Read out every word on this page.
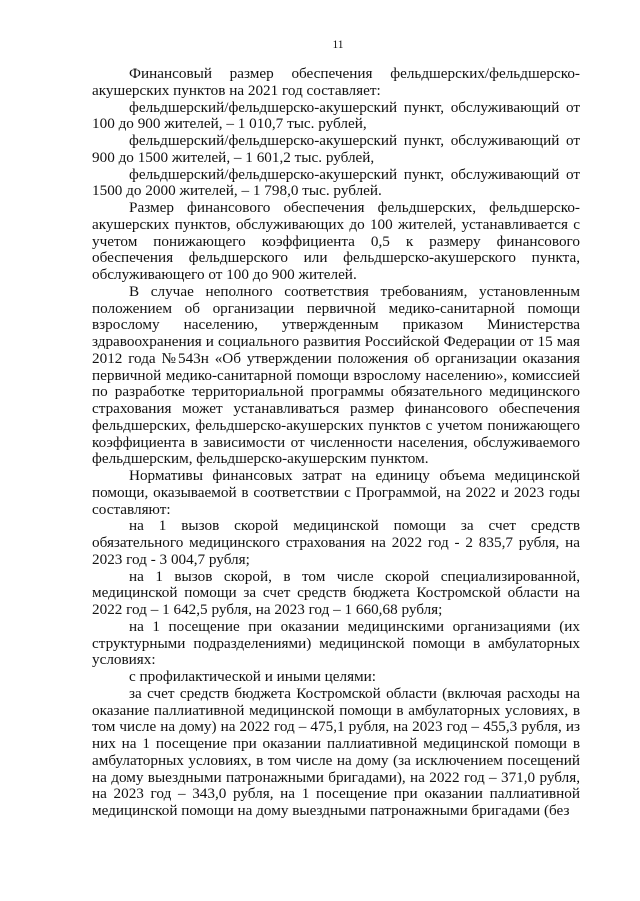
11

Финансовый размер обеспечения фельдшерских/фельдшерско-акушерских пунктов на 2021 год составляет:

фельдшерский/фельдшерско-акушерский пункт, обслуживающий от 100 до 900 жителей, – 1 010,7 тыс. рублей,

фельдшерский/фельдшерско-акушерский пункт, обслуживающий от 900 до 1500 жителей, – 1 601,2 тыс. рублей,

фельдшерский/фельдшерско-акушерский пункт, обслуживающий от 1500 до 2000 жителей, – 1 798,0 тыс. рублей.

Размер финансового обеспечения фельдшерских, фельдшерско-акушерских пунктов, обслуживающих до 100 жителей, устанавливается с учетом понижающего коэффициента 0,5 к размеру финансового обеспечения фельдшерского или фельдшерско-акушерского пункта, обслуживающего от 100 до 900 жителей.

В случае неполного соответствия требованиям, установленным положением об организации первичной медико-санитарной помощи взрослому населению, утвержденным приказом Министерства здравоохранения и социального развития Российской Федерации от 15 мая 2012 года №543н «Об утверждении положения об организации оказания первичной медико-санитарной помощи взрослому населению», комиссией по разработке территориальной программы обязательного медицинского страхования может устанавливаться размер финансового обеспечения фельдшерских, фельдшерско-акушерских пунктов с учетом понижающего коэффициента в зависимости от численности населения, обслуживаемого фельдшерским, фельдшерско-акушерским пунктом.

Нормативы финансовых затрат на единицу объема медицинской помощи, оказываемой в соответствии с Программой, на 2022 и 2023 годы составляют:

на 1 вызов скорой медицинской помощи за счет средств обязательного медицинского страхования на 2022 год - 2 835,7 рубля, на 2023 год - 3 004,7 рубля;

на 1 вызов скорой, в том числе скорой специализированной, медицинской помощи за счет средств бюджета Костромской области на 2022 год – 1 642,5 рубля, на 2023 год – 1 660,68 рубля;

на 1 посещение при оказании медицинскими организациями (их структурными подразделениями) медицинской помощи в амбулаторных условиях:

с профилактической и иными целями:

за счет средств бюджета Костромской области (включая расходы на оказание паллиативной медицинской помощи в амбулаторных условиях, в том числе на дому) на 2022 год – 475,1 рубля, на 2023 год – 455,3 рубля, из них на 1 посещение при оказании паллиативной медицинской помощи в амбулаторных условиях, в том числе на дому (за исключением посещений на дому выездными патронажными бригадами), на 2022 год – 371,0 рубля, на 2023 год – 343,0 рубля, на 1 посещение при оказании паллиативной медицинской помощи на дому выездными патронажными бригадами (без
